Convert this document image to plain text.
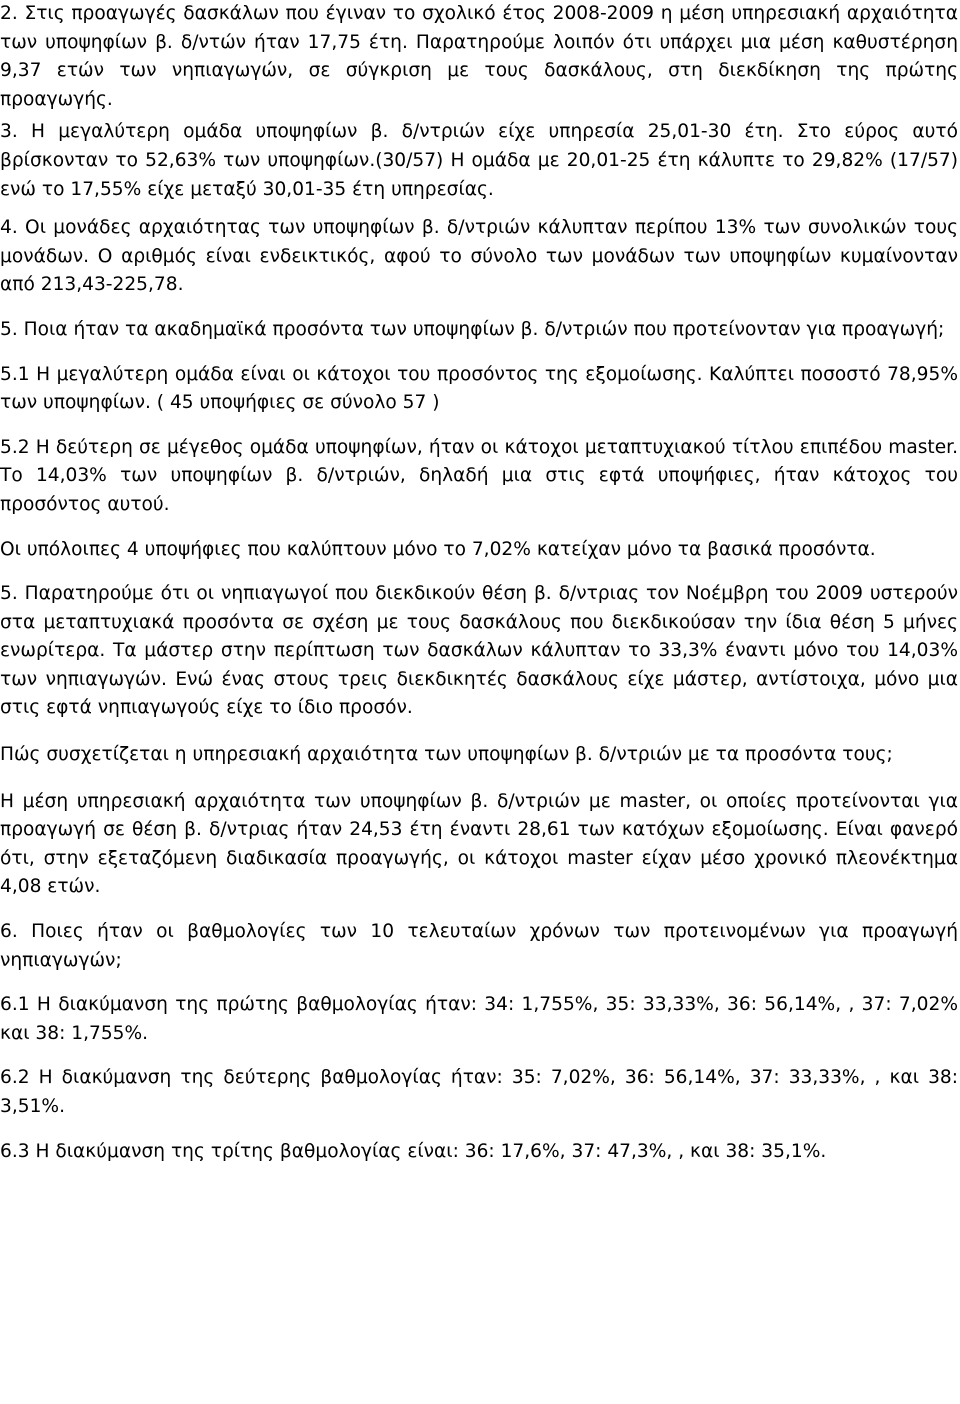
2. Στις προαγωγές δασκάλων που έγιναν το σχολικό έτος 2008-2009 η μέση υπηρεσιακή αρχαιότητα των υποψηφίων β. δ/ντών ήταν 17,75 έτη. Παρατηρούμε λοιπόν ότι υπάρχει μια μέση καθυστέρηση 9,37 ετών των νηπιαγωγών, σε σύγκριση με τους δασκάλους, στη διεκδίκηση της πρώτης προαγωγής.

3. Η μεγαλύτερη ομάδα υποψηφίων β. δ/ντριών είχε υπηρεσία 25,01-30 έτη. Στο εύρος αυτό βρίσκονταν το 52,63% των υποψηφίων.(30/57) Η ομάδα με 20,01-25 έτη κάλυπτε το 29,82% (17/57) ενώ το 17,55% είχε μεταξύ 30,01-35 έτη υπηρεσίας.

4. Οι μονάδες αρχαιότητας των υποψηφίων β. δ/ντριών κάλυπταν περίπου 13% των συνολικών τους μονάδων. Ο αριθμός είναι ενδεικτικός, αφού το σύνολο των μονάδων των υποψηφίων κυμαίνονταν από 213,43-225,78.

5. Ποια ήταν τα ακαδημαϊκά προσόντα των υποψηφίων β. δ/ντριών που προτείνονταν για προαγωγή;

5.1 Η μεγαλύτερη ομάδα είναι οι κάτοχοι του προσόντος της εξομοίωσης. Καλύπτει ποσοστό 78,95% των υποψηφίων. ( 45 υποψήφιες σε σύνολο 57 )

5.2 Η δεύτερη σε μέγεθος ομάδα υποψηφίων, ήταν οι κάτοχοι μεταπτυχιακού τίτλου επιπέδου master. Το 14,03% των υποψηφίων β. δ/ντριών, δηλαδή μια στις εφτά υποψήφιες, ήταν κάτοχος του προσόντος αυτού.

Οι υπόλοιπες 4 υποψήφιες που καλύπτουν μόνο το 7,02% κατείχαν μόνο τα βασικά προσόντα.

5. Παρατηρούμε ότι οι νηπιαγωγοί που διεκδικούν θέση β. δ/ντριας τον Νοέμβρη του 2009 υστερούν στα μεταπτυχιακά προσόντα σε σχέση με τους δασκάλους που διεκδικούσαν την ίδια θέση 5 μήνες ενωρίτερα. Τα μάστερ στην περίπτωση των δασκάλων κάλυπταν το 33,3% έναντι μόνο του 14,03% των νηπιαγωγών. Ενώ ένας στους τρεις διεκδικητές δασκάλους είχε μάστερ, αντίστοιχα, μόνο μια στις εφτά νηπιαγωγούς είχε το ίδιο προσόν.

Πώς συσχετίζεται η υπηρεσιακή αρχαιότητα των υποψηφίων β. δ/ντριών με τα προσόντα τους;

Η μέση υπηρεσιακή αρχαιότητα των υποψηφίων β. δ/ντριών με master, οι οποίες προτείνονται για προαγωγή σε θέση β. δ/ντριας ήταν 24,53 έτη έναντι 28,61 των κατόχων εξομοίωσης. Είναι φανερό ότι, στην εξεταζόμενη διαδικασία προαγωγής, οι κάτοχοι master είχαν μέσο χρονικό πλεονέκτημα 4,08 ετών.

6. Ποιες ήταν οι βαθμολογίες των 10 τελευταίων χρόνων των προτεινομένων για προαγωγή νηπιαγωγών;

6.1 Η διακύμανση της πρώτης βαθμολογίας ήταν: 34: 1,755%, 35: 33,33%, 36: 56,14%, , 37: 7,02% και 38: 1,755%.

6.2 Η διακύμανση της δεύτερης βαθμολογίας ήταν: 35: 7,02%, 36: 56,14%, 37: 33,33%, , και 38: 3,51%.

6.3 Η διακύμανση της τρίτης βαθμολογίας είναι: 36: 17,6%, 37: 47,3%, , και 38: 35,1%.
